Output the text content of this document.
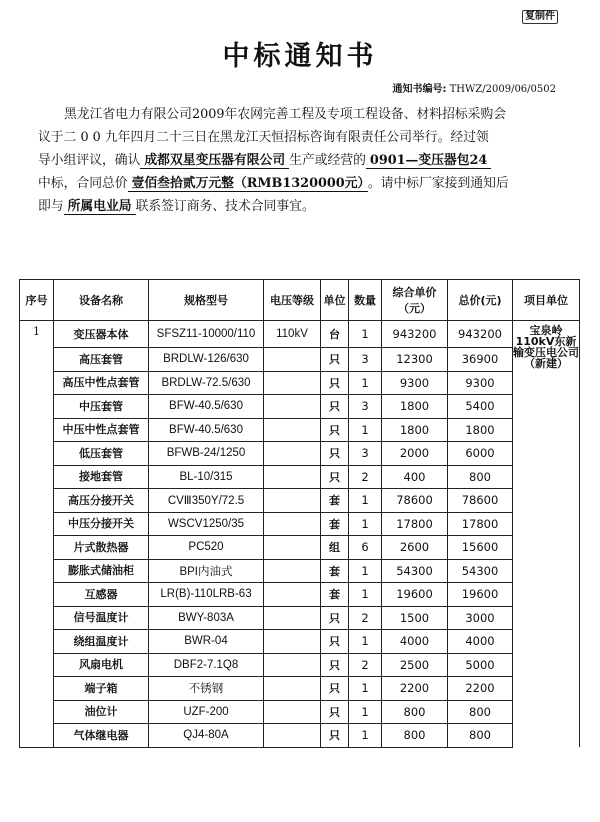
复制件
中标通知书
通知书编号: THWZ/2009/06/0502

黑龙江省电力有限公司2009年农网完善工程及专项工程设备、材料招标采购会

议于二 0 0 九年四月二十三日在黑龙江天恒招标咨询有限责任公司举行。经过领

导小组评议，确认 成都双星变压器有限公司 生产或经营的 0901—变压器包24

中标，合同总价 壹佰叁拾贰万元整（RMB1320000元） 。请中标厂家接到通知后

即与 所属电业局 联系签订商务、技术合同事宜。

序号	设备名称	规格型号	电压等级	单位	数量	综合单价（元）	总价(元)	项目单位
1	变压器本体	SFSZ11-10000/110	110kV	台	1	943200	943200	宝泉岭110kV东新输变压电公司（新建）
	高压套管	BRDLW-126/630		只	3	12300	36900	
	高压中性点套管	BRDLW-72.5/630		只	1	9300	9300	
	中压套管	BFW-40.5/630		只	3	1800	5400	
	中压中性点套管	BFW-40.5/630		只	1	1800	1800	
	低压套管	BFWB-24/1250		只	3	2000	6000	
	接地套管	BL-10/315		只	2	400	800	
	高压分接开关	CVⅢ350Y/72.5		套	1	78600	78600	
	中压分接开关	WSCV1250/35		套	1	17800	17800	
	片式散热器	PC520		组	6	2600	15600	
	膨胀式储油柜	BPI内油式		套	1	54300	54300	
	互感器	LR(B)-110LRB-63		套	1	19600	19600	
	信号温度计	BWY-803A		只	2	1500	3000	
	绕组温度计	BWR-04		只	1	4000	4000	
	风扇电机	DBF2-7.1Q8		只	2	2500	5000	
	端子箱	不锈钢		只	1	2200	2200	
	油位计	UZF-200		只	1	800	800	
	气体继电器	QJ4-80A		只	1	800	800	
